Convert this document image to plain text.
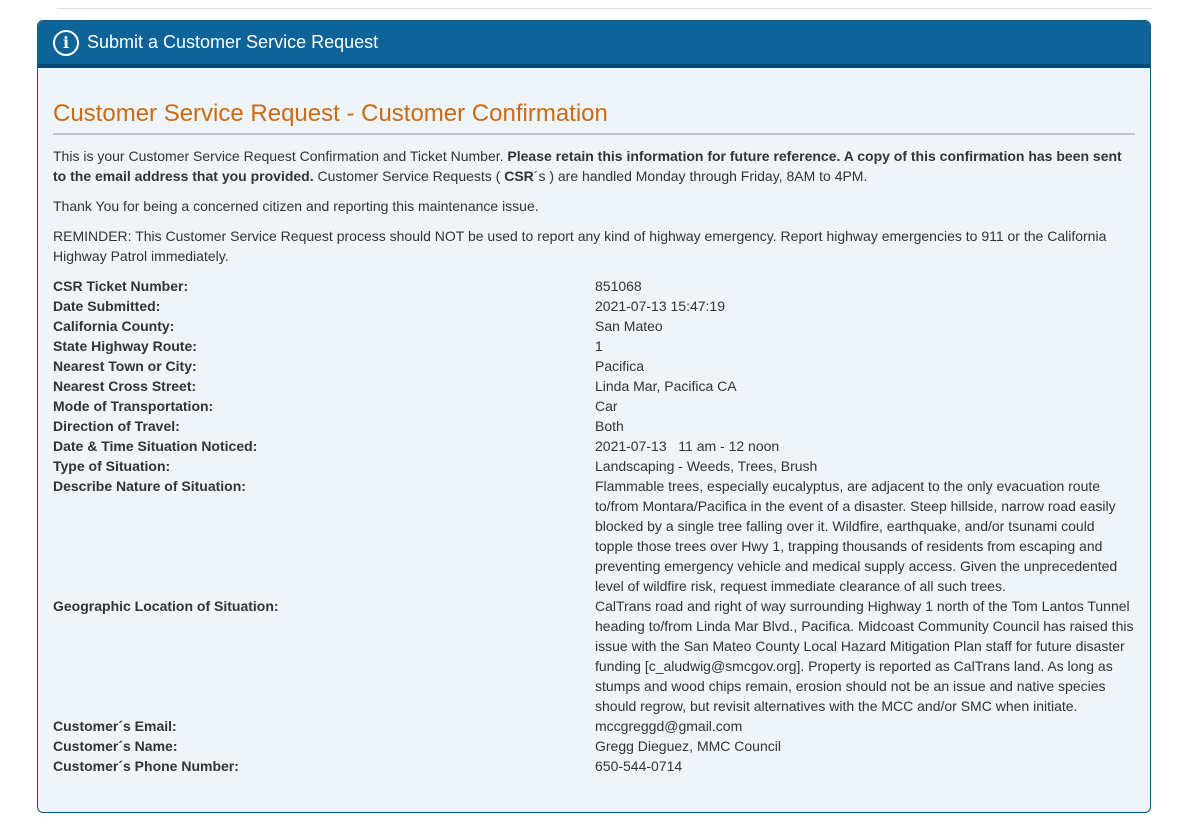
i Submit a Customer Service Request
Customer Service Request - Customer Confirmation

This is your Customer Service Request Confirmation and Ticket Number. Please retain this information for future reference. A copy of this confirmation has been sent to the email address that you provided. Customer Service Requests ( CSR´s ) are handled Monday through Friday, 8AM to 4PM.

Thank You for being a concerned citizen and reporting this maintenance issue.

REMINDER: This Customer Service Request process should NOT be used to report any kind of highway emergency. Report highway emergencies to 911 or the California Highway Patrol immediately.

CSR Ticket Number:	851068
Date Submitted:	2021-07-13 15:47:19
California County:	San Mateo
State Highway Route:	1
Nearest Town or City:	Pacifica
Nearest Cross Street:	Linda Mar, Pacifica CA
Mode of Transportation:	Car
Direction of Travel:	Both
Date & Time Situation Noticed:	2021-07-13   11 am - 12 noon
Type of Situation:	Landscaping - Weeds, Trees, Brush
Describe Nature of Situation:	Flammable trees, especially eucalyptus, are adjacent to the only evacuation route to/from Montara/Pacifica in the event of a disaster. Steep hillside, narrow road easily blocked by a single tree falling over it. Wildfire, earthquake, and/or tsunami could topple those trees over Hwy 1, trapping thousands of residents from escaping and preventing emergency vehicle and medical supply access. Given the unprecedented level of wildfire risk, request immediate clearance of all such trees.
Geographic Location of Situation:	CalTrans road and right of way surrounding Highway 1 north of the Tom Lantos Tunnel heading to/from Linda Mar Blvd., Pacifica. Midcoast Community Council has raised this issue with the San Mateo County Local Hazard Mitigation Plan staff for future disaster funding [c_aludwig@smcgov.org]. Property is reported as CalTrans land. As long as stumps and wood chips remain, erosion should not be an issue and native species should regrow, but revisit alternatives with the MCC and/or SMC when initiate.
Customer´s Email:	mccgreggd@gmail.com
Customer´s Name:	Gregg Dieguez, MMC Council
Customer´s Phone Number:	650-544-0714
